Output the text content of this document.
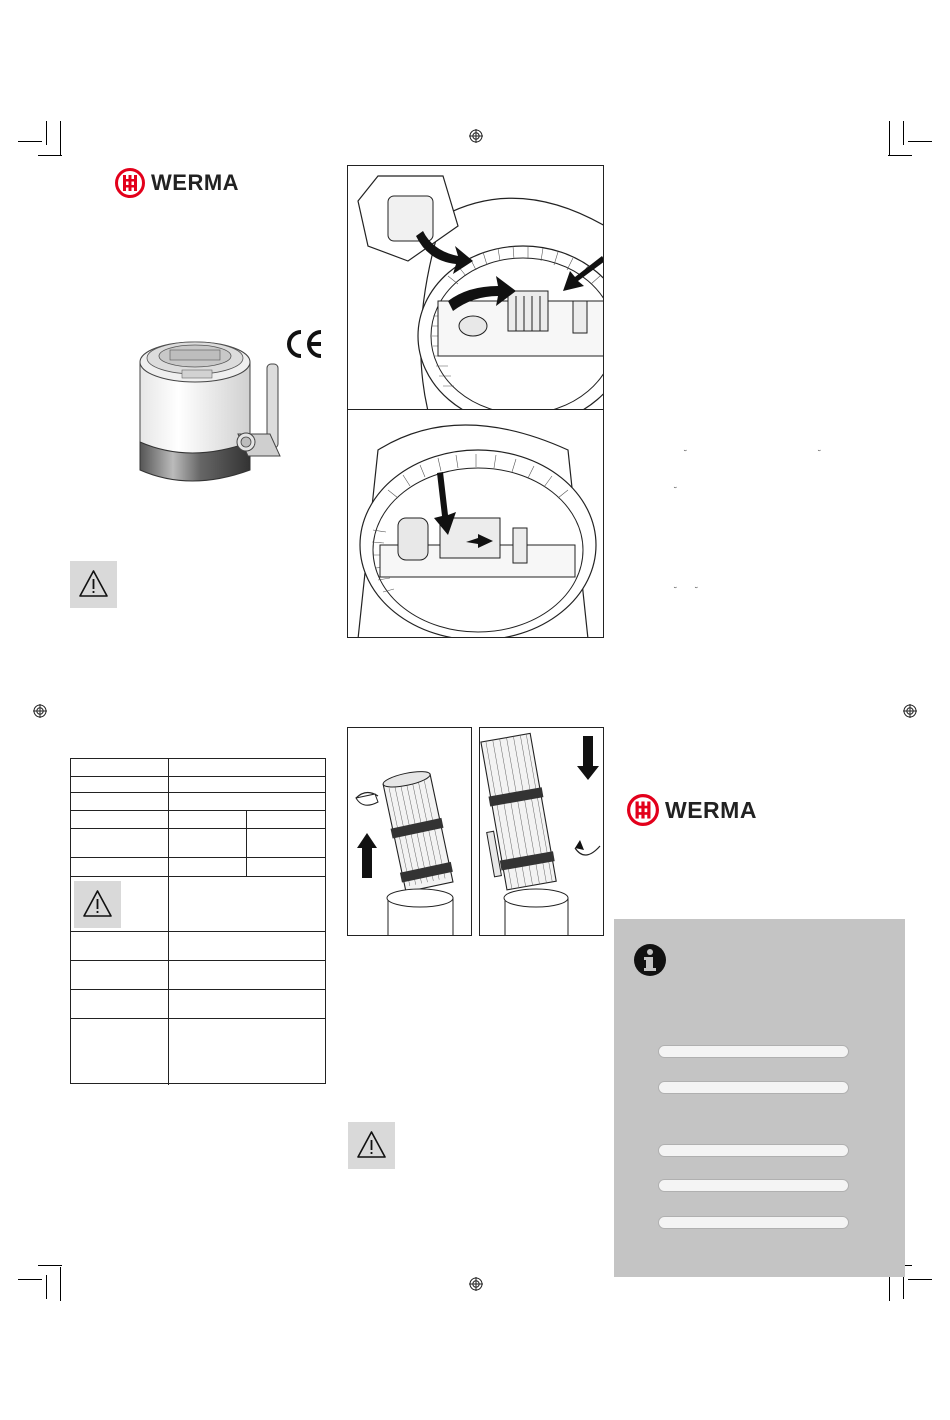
WERMA
˘	˘
˘
˘ ˘
WERMA
